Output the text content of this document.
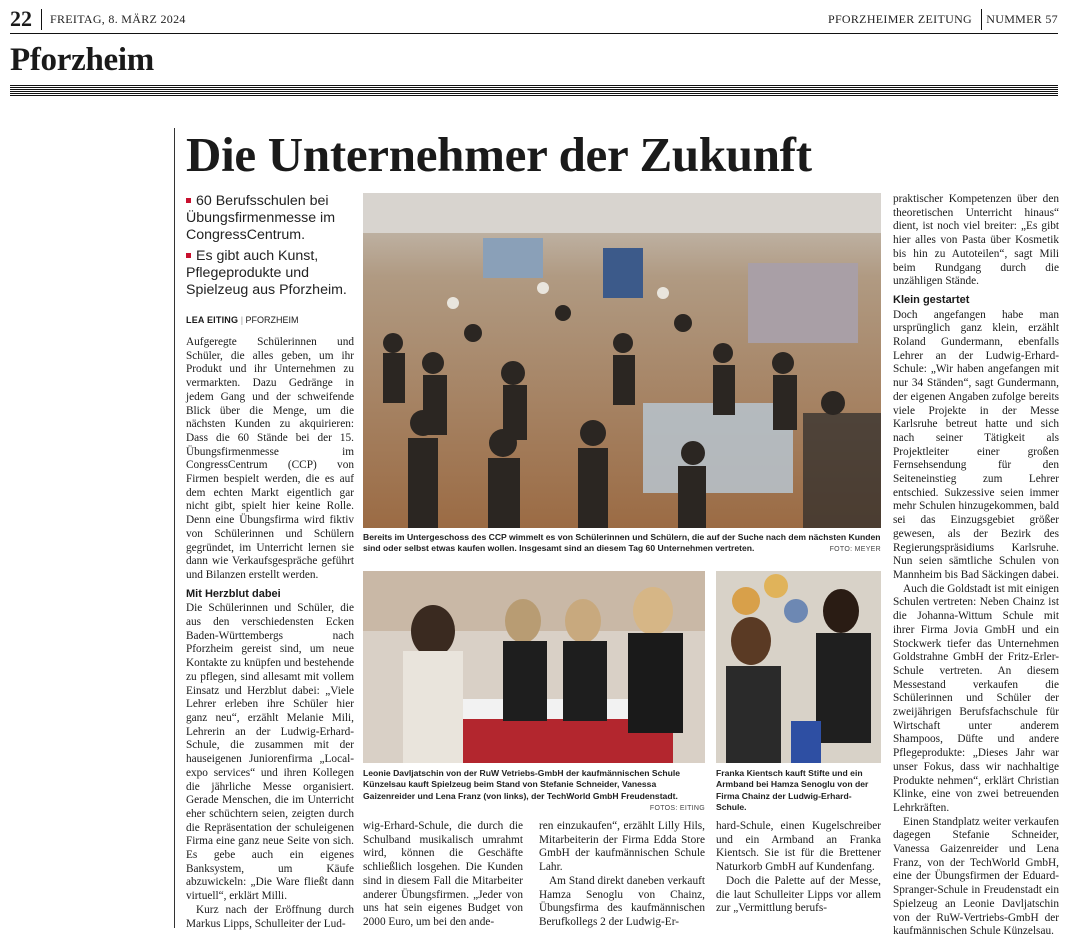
22 FREITAG, 8. MÄRZ 2024	PFORZHEIMER ZEITUNG NUMMER 57
Pforzheim
Die Unternehmer der Zukunft
60 Berufsschulen bei Übungsfirmenmesse im CongressCentrum.
Es gibt auch Kunst, Pflegeprodukte und Spielzeug aus Pforzheim.
LEA EITING | PFORZHEIM

Aufgeregte Schülerinnen und Schüler, die alles geben, um ihr Produkt und ihr Unternehmen zu vermarkten. Dazu Gedränge in jedem Gang und der schweifende Blick über die Menge, um die nächsten Kunden zu akquirieren: Dass die 60 Stände bei der 15. Übungsfirmenmesse im CongressCentrum (CCP) von Firmen bespielt werden, die es auf dem echten Markt eigentlich gar nicht gibt, spielt hier keine Rolle. Denn eine Übungsfirma wird fiktiv von Schülerinnen und Schülern gegründet, im Unterricht lernen sie dann wie Verkaufsgespräche geführt und Bilanzen erstellt werden.

Mit Herzblut dabei

Die Schülerinnen und Schüler, die aus den verschiedensten Ecken Baden-Württembergs nach Pforzheim gereist sind, um neue Kontakte zu knüpfen und bestehende zu pflegen, sind allesamt mit vollem Einsatz und Herzblut dabei: „Viele Lehrer erleben ihre Schüler hier ganz neu“, erzählt Melanie Mili, Lehrerin an der Ludwig-Erhard-Schule, die zusammen mit der hauseigenen Juniorenfirma „Local-expo services“ und ihren Kollegen die jährliche Messe organisiert. Gerade Menschen, die im Unterricht eher schüchtern seien, zeigten durch die Repräsentation der schuleigenen Firma eine ganz neue Seite von sich. Es gebe auch ein eigenes Banksystem, um Käufe abzuwickeln: „Die Ware fließt dann virtuell“, erklärt Milli.

Kurz nach der Eröffnung durch Markus Lipps, Schulleiter der Lud-

Bereits im Untergeschoss des CCP wimmelt es von Schülerinnen und Schülern, die auf der Suche nach dem nächsten Kunden sind oder selbst etwas kaufen wollen. Insgesamt sind an diesem Tag 60 Unternehmen vertreten.	FOTO: MEYER
Leonie Davljatschin von der RuW Vetriebs-GmbH der kaufmännischen Schule Künzelsau kauft Spielzeug beim Stand von Stefanie Schneider, Vanessa Gaizenreider und Lena Franz (von links), der TechWorld GmbH Freudenstadt.
FOTOS: EITING
Franka Kientsch kauft Stifte und ein Armband bei Hamza Senoglu von der Firma Chainz der Ludwig-Erhard-Schule.

wig-Erhard-Schule, die durch die Schulband musikalisch umrahmt wird, können die Geschäfte schließlich losgehen. Die Kunden sind in diesem Fall die Mitarbeiter anderer Übungsfirmen. „Jeder von uns hat sein eigenes Budget von 2000 Euro, um bei den ande-

ren einzukaufen“, erzählt Lilly Hils, Mitarbeiterin der Firma Edda Store GmbH der kaufmännischen Schule Lahr.

Am Stand direkt daneben verkauft Hamza Senoglu von Chainz, Übungsfirma des kaufmännischen Berufkollegs 2 der Ludwig-Er-

hard-Schule, einen Kugelschreiber und ein Armband an Franka Kientsch. Sie ist für die Brettener Naturkorb GmbH auf Kundenfang.

Doch die Palette auf der Messe, die laut Schulleiter Lipps vor allem zur „Vermittlung berufs-

praktischer Kompetenzen über den theoretischen Unterricht hinaus“ dient, ist noch viel breiter: „Es gibt hier alles von Pasta über Kosmetik bis hin zu Autoteilen“, sagt Mili beim Rundgang durch die unzähligen Stände.

Klein gestartet

Doch angefangen habe man ursprünglich ganz klein, erzählt Roland Gundermann, ebenfalls Lehrer an der Ludwig-Erhard-Schule: „Wir haben angefangen mit nur 34 Ständen“, sagt Gundermann, der eigenen Angaben zufolge bereits viele Projekte in der Messe Karlsruhe betreut hatte und sich nach seiner Tätigkeit als Projektleiter einer großen Fernsehsendung für den Seiteneinstieg zum Lehrer entschied. Sukzessive seien immer mehr Schulen hinzugekommen, bald sei das Einzugsgebiet größer gewesen, als der Bezirk des Regierungspräsidiums Karlsruhe. Nun seien sämtliche Schulen von Mannheim bis Bad Säckingen dabei.

Auch die Goldstadt ist mit einigen Schulen vertreten: Neben Chainz ist die Johanna-Wittum Schule mit ihrer Firma Jovia GmbH und ein Stockwerk tiefer das Unternehmen Goldstrahne GmbH der Fritz-Erler-Schule vertreten. An diesem Messestand verkaufen die Schülerinnen und Schüler der zweijährigen Berufsfachschule für Wirtschaft unter anderem Shampoos, Düfte und andere Pflegeprodukte: „Dieses Jahr war unser Fokus, dass wir nachhaltige Produkte nehmen“, erklärt Christian Klinke, eine von zwei betreuenden Lehrkräften.

Einen Standplatz weiter verkaufen dagegen Stefanie Schneider, Vanessa Gaizenreider und Lena Franz, von der TechWorld GmbH, eine der Übungsfirmen der Eduard-Spranger-Schule in Freudenstadt ein Spielzeug an Leonie Davljatschin von der RuW-Vertriebs-GmbH der kaufmännischen Schule Künzelsau.
